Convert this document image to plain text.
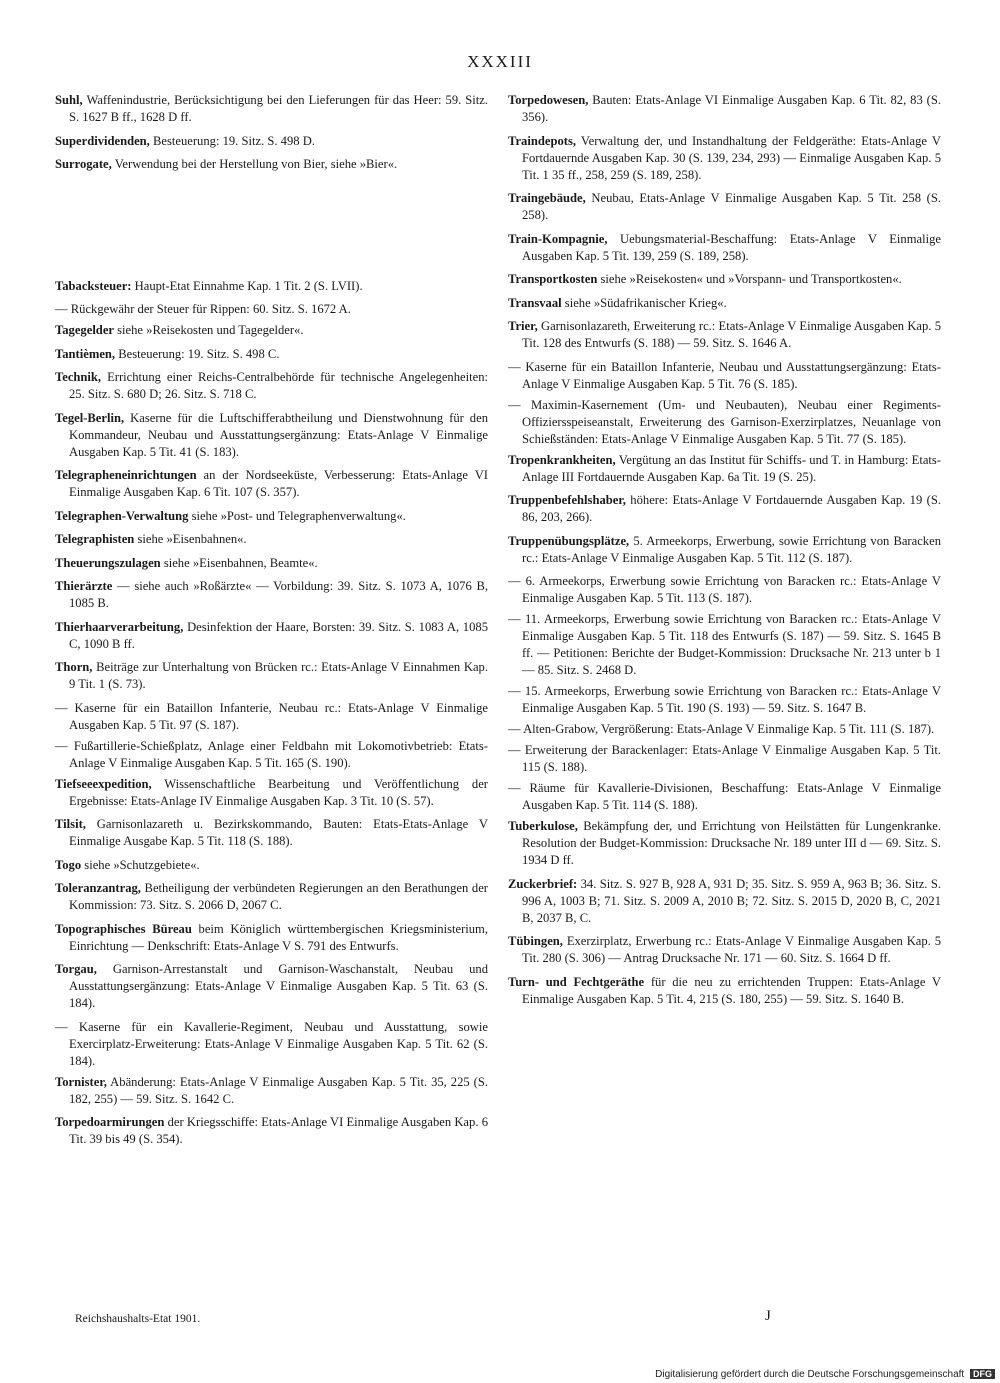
XXXIII

Suhl, Waffenindustrie, Berücksichtigung bei den Lieferungen für das Heer: 59. Sitz. S. 1627 B ff., 1628 D ff.

Superdividenden, Besteuerung: 19. Sitz. S. 498 D.

Surrogate, Verwendung bei der Herstellung von Bier, siehe »Bier«.

Tabacksteuer: Haupt-Etat Einnahme Kap. 1 Tit. 2 (S. LVII).

— Rückgewähr der Steuer für Rippen: 60. Sitz. S. 1672 A.

Tagegelder siehe »Reisekosten und Tagegelder«.

Tantièmen, Besteuerung: 19. Sitz. S. 498 C.

Technik, Errichtung einer Reichs-Centralbehörde für technische Angelegenheiten: 25. Sitz. S. 680 D; 26. Sitz. S. 718 C.

Tegel-Berlin, Kaserne für die Luftschifferabtheilung und Dienstwohnung für den Kommandeur, Neubau und Ausstattungsergänzung: Etats-Anlage V Einmalige Ausgaben Kap. 5 Tit. 41 (S. 183).

Telegrapheneinrichtungen an der Nordseeküste, Verbesserung: Etats-Anlage VI Einmalige Ausgaben Kap. 6 Tit. 107 (S. 357).

Telegraphen-Verwaltung siehe »Post- und Telegraphenverwaltung«.

Telegraphisten siehe »Eisenbahnen«.

Theuerungszulagen siehe »Eisenbahnen, Beamte«.

Thierärzte — siehe auch »Roßärzte« — Vorbildung: 39. Sitz. S. 1073 A, 1076 B, 1085 B.

Thierhaarverarbeitung, Desinfektion der Haare, Borsten: 39. Sitz. S. 1083 A, 1085 C, 1090 B ff.

Thorn, Beiträge zur Unterhaltung von Brücken rc.: Etats-Anlage V Einnahmen Kap. 9 Tit. 1 (S. 73).

— Kaserne für ein Bataillon Infanterie, Neubau rc.: Etats-Anlage V Einmalige Ausgaben Kap. 5 Tit. 97 (S. 187).

— Fußartillerie-Schießplatz, Anlage einer Feldbahn mit Lokomotivbetrieb: Etats-Anlage V Einmalige Ausgaben Kap. 5 Tit. 165 (S. 190).

Tiefseeexpedition, Wissenschaftliche Bearbeitung und Veröffentlichung der Ergebnisse: Etats-Anlage IV Einmalige Ausgaben Kap. 3 Tit. 10 (S. 57).

Tilsit, Garnisonlazareth u. Bezirkskommando, Bauten: Etats-Etats-Anlage V Einmalige Ausgabe Kap. 5 Tit. 118 (S. 188).

Togo siehe »Schutzgebiete«.

Toleranzantrag, Betheiligung der verbündeten Regierungen an den Berathungen der Kommission: 73. Sitz. S. 2066 D, 2067 C.

Topographisches Büreau beim Königlich württembergischen Kriegsministerium, Einrichtung — Denkschrift: Etats-Anlage V S. 791 des Entwurfs.

Torgau, Garnison-Arrestanstalt und Garnison-Waschanstalt, Neubau und Ausstattungsergänzung: Etats-Anlage V Einmalige Ausgaben Kap. 5 Tit. 63 (S. 184).

— Kaserne für ein Kavallerie-Regiment, Neubau und Ausstattung, sowie Exercirplatz-Erweiterung: Etats-Anlage V Einmalige Ausgaben Kap. 5 Tit. 62 (S. 184).

Tornister, Abänderung: Etats-Anlage V Einmalige Ausgaben Kap. 5 Tit. 35, 225 (S. 182, 255) — 59. Sitz. S. 1642 C.

Torpedoarmirungen der Kriegsschiffe: Etats-Anlage VI Einmalige Ausgaben Kap. 6 Tit. 39 bis 49 (S. 354).

Torpedowesen, Bauten: Etats-Anlage VI Einmalige Ausgaben Kap. 6 Tit. 82, 83 (S. 356).

Traindepots, Verwaltung der, und Instandhaltung der Feldgeräthe: Etats-Anlage V Fortdauernde Ausgaben Kap. 30 (S. 139, 234, 293) — Einmalige Ausgaben Kap. 5 Tit. 1 35 ff., 258, 259 (S. 189, 258).

Traingebäude, Neubau, Etats-Anlage V Einmalige Ausgaben Kap. 5 Tit. 258 (S. 258).

Train-Kompagnie, Uebungsmaterial-Beschaffung: Etats-Anlage V Einmalige Ausgaben Kap. 5 Tit. 139, 259 (S. 189, 258).

Transportkosten siehe »Reisekosten« und »Vorspann- und Transportkosten«.

Transvaal siehe »Südafrikanischer Krieg«.

Trier, Garnisonlazareth, Erweiterung rc.: Etats-Anlage V Einmalige Ausgaben Kap. 5 Tit. 128 des Entwurfs (S. 188) — 59. Sitz. S. 1646 A.

— Kaserne für ein Bataillon Infanterie, Neubau und Ausstattungsergänzung: Etats-Anlage V Einmalige Ausgaben Kap. 5 Tit. 76 (S. 185).

— Maximin-Kasernement (Um- und Neubauten), Neubau einer Regiments-Offiziersspeiseanstalt, Erweiterung des Garnison-Exerzirplatzes, Neuanlage von Schießständen: Etats-Anlage V Einmalige Ausgaben Kap. 5 Tit. 77 (S. 185).

Tropenkrankheiten, Vergütung an das Institut für Schiffs- und T. in Hamburg: Etats-Anlage III Fortdauernde Ausgaben Kap. 6a Tit. 19 (S. 25).

Truppenbefehlshaber, höhere: Etats-Anlage V Fortdauernde Ausgaben Kap. 19 (S. 86, 203, 266).

Truppenübungsplätze, 5. Armeekorps, Erwerbung, sowie Errichtung von Baracken rc.: Etats-Anlage V Einmalige Ausgaben Kap. 5 Tit. 112 (S. 187).

— 6. Armeekorps, Erwerbung sowie Errichtung von Baracken rc.: Etats-Anlage V Einmalige Ausgaben Kap. 5 Tit. 113 (S. 187).

— 11. Armeekorps, Erwerbung sowie Errichtung von Baracken rc.: Etats-Anlage V Einmalige Ausgaben Kap. 5 Tit. 118 des Entwurfs (S. 187) — 59. Sitz. S. 1645 B ff. — Petitionen: Berichte der Budget-Kommission: Drucksache Nr. 213 unter b 1 — 85. Sitz. S. 2468 D.

— 15. Armeekorps, Erwerbung sowie Errichtung von Baracken rc.: Etats-Anlage V Einmalige Ausgaben Kap. 5 Tit. 190 (S. 193) — 59. Sitz. S. 1647 B.

— Alten-Grabow, Vergrößerung: Etats-Anlage V Einmalige Kap. 5 Tit. 111 (S. 187).

— Erweiterung der Barackenlager: Etats-Anlage V Einmalige Ausgaben Kap. 5 Tit. 115 (S. 188).

— Räume für Kavallerie-Divisionen, Beschaffung: Etats-Anlage V Einmalige Ausgaben Kap. 5 Tit. 114 (S. 188).

Tuberkulose, Bekämpfung der, und Errichtung von Heilstätten für Lungenkranke. Resolution der Budget-Kommission: Drucksache Nr. 189 unter III d — 69. Sitz. S. 1934 D ff.

Zuckerbrief: 34. Sitz. S. 927 B, 928 A, 931 D; 35. Sitz. S. 959 A, 963 B; 36. Sitz. S. 996 A, 1003 B; 71. Sitz. S. 2009 A, 2010 B; 72. Sitz. S. 2015 D, 2020 B, C, 2021 B, 2037 B, C.

Tübingen, Exerzirplatz, Erwerbung rc.: Etats-Anlage V Einmalige Ausgaben Kap. 5 Tit. 280 (S. 306) — Antrag Drucksache Nr. 171 — 60. Sitz. S. 1664 D ff.

Turn- und Fechtgeräthe für die neu zu errichtenden Truppen: Etats-Anlage V Einmalige Ausgaben Kap. 5 Tit. 4, 215 (S. 180, 255) — 59. Sitz. S. 1640 B.

Reichshaushalts-Etat 1901.	J
Digitalisierung gefördert durch die Deutsche Forschungsgemeinschaft DFG
